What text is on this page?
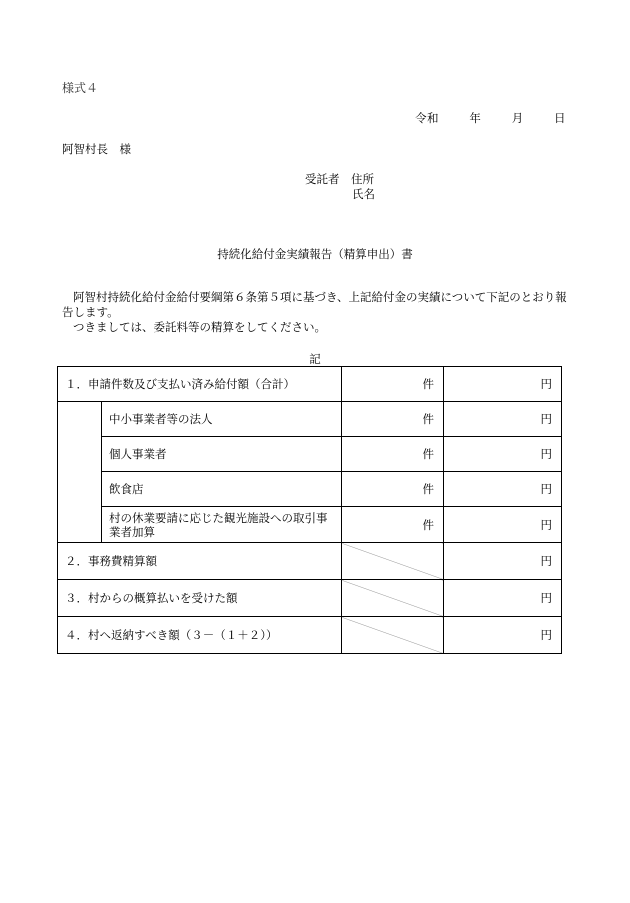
様式４
令和	年	月	日
阿智村長　様
受託者　住所
氏名
持続化給付金実績報告（精算申出）書

阿智村持続化給付金給付要綱第６条第５項に基づき、上記給付金の実績について下記のとおり報告します。

つきましては、委託料等の精算をしてください。

記
１．申請件数及び支払い済み給付額（合計）		件	円
	中小事業者等の法人	件	円
	個人事業者	件	円
	飲食店	件	円
	村の休業要請に応じた観光施設への取引事業者加算	件	円
２．事務費精算額			円
３．村からの概算払いを受けた額			円
４．村へ返納すべき額（３－（１＋２））			円
